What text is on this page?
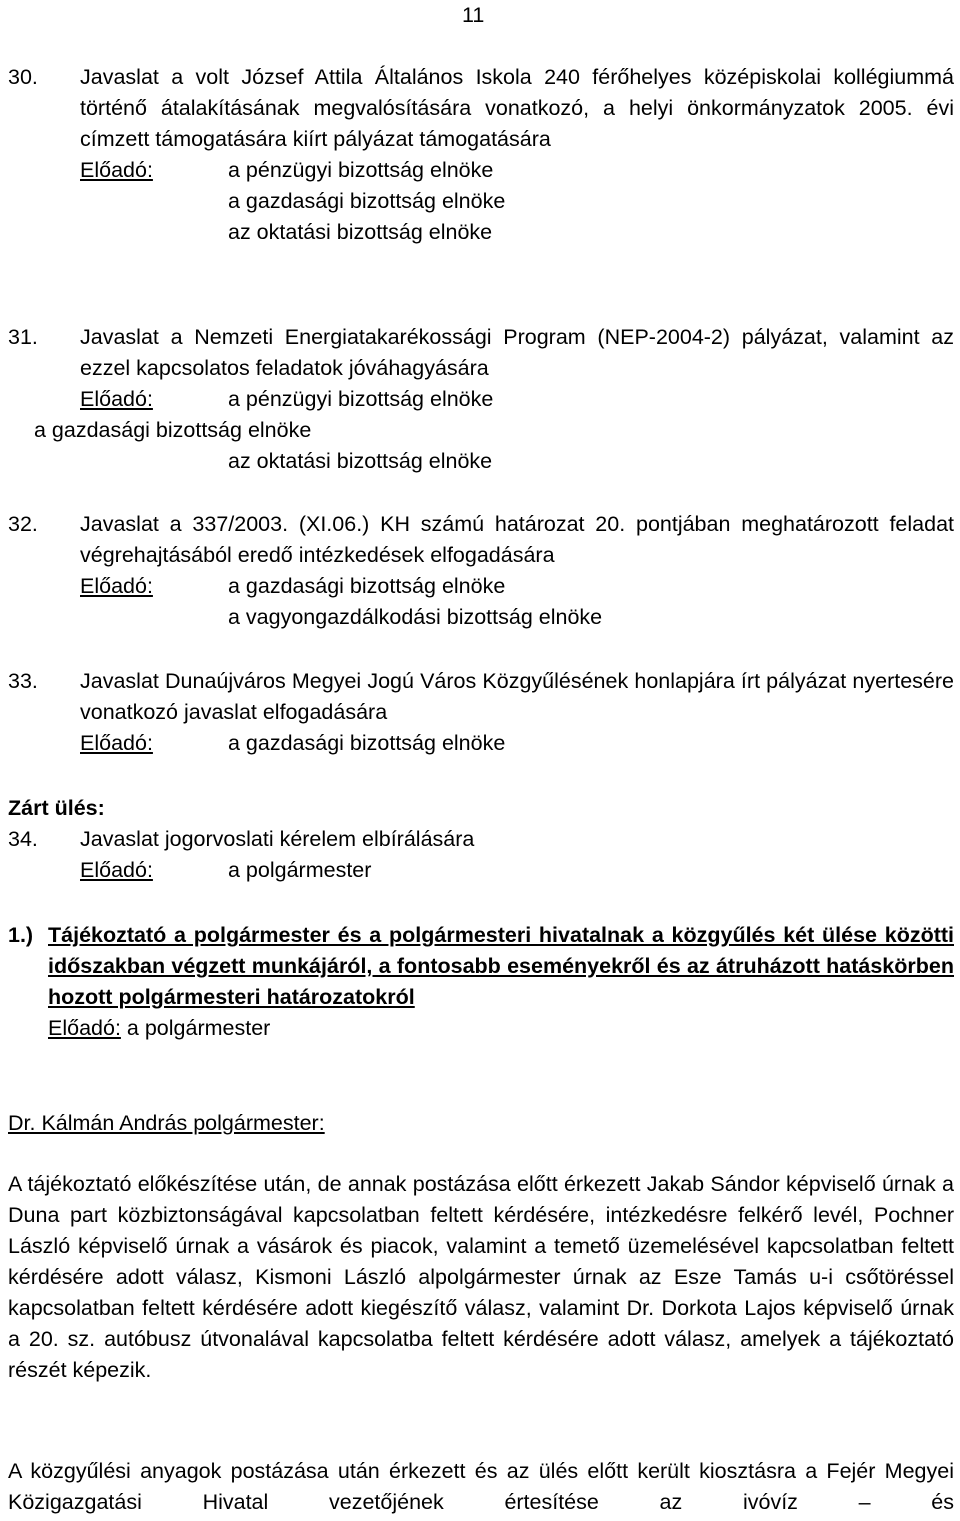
11
30. Javaslat a volt József Attila Általános Iskola 240 férőhelyes középiskolai kollégiummá történő átalakításának megvalósítására vonatkozó, a helyi önkormányzatok 2005. évi címzett támogatására kiírt pályázat támogatására
Előadó:	a pénzügyi bizottság elnöke
a gazdasági bizottság elnöke
az oktatási bizottság elnöke
31. Javaslat a Nemzeti Energiatakarékossági Program (NEP-2004-2) pályázat, valamint az ezzel kapcsolatos feladatok jóváhagyására
Előadó:	a pénzügyi bizottság elnöke
a gazdasági bizottság elnöke
az oktatási bizottság elnöke
32. Javaslat a 337/2003. (XI.06.) KH számú határozat 20. pontjában meghatározott feladat végrehajtásából eredő intézkedések elfogadására
Előadó:	a gazdasági bizottság elnöke
a vagyongazdálkodási bizottság elnöke
33. Javaslat Dunaújváros Megyei Jogú Város Közgyűlésének honlapjára írt pályázat nyertesére vonatkozó javaslat elfogadására
Előadó:	a gazdasági bizottság elnöke
Zárt ülés:
34. Javaslat jogorvoslati kérelem elbírálására
Előadó:	a polgármester
1.) Tájékoztató a polgármester és a polgármesteri hivatalnak a közgyűlés két ülése közötti időszakban végzett munkájáról, a fontosabb eseményekről és az átruházott hatáskörben hozott polgármesteri határozatokról
Előadó: a polgármester
Dr. Kálmán András polgármester:
A tájékoztató előkészítése után, de annak postázása előtt érkezett Jakab Sándor képviselő úrnak a Duna part közbiztonságával kapcsolatban feltett kérdésére, intézkedésre felkérő levél, Pochner László képviselő úrnak a vásárok és piacok, valamint a temető üzemelésével kapcsolatban feltett kérdésére adott válasz, Kismoni László alpolgármester úrnak az Esze Tamás u-i csőtöréssel kapcsolatban feltett kérdésére adott kiegészítő válasz, valamint Dr. Dorkota Lajos képviselő úrnak a 20. sz. autóbusz útvonalával kapcsolatba feltett kérdésére adott válasz, amelyek a tájékoztató részét képezik.
A közgyűlési anyagok postázása után érkezett és az ülés előtt került kiosztásra a Fejér Megyei Közigazgatási Hivatal vezetőjének értesítése az ivóvíz – és
